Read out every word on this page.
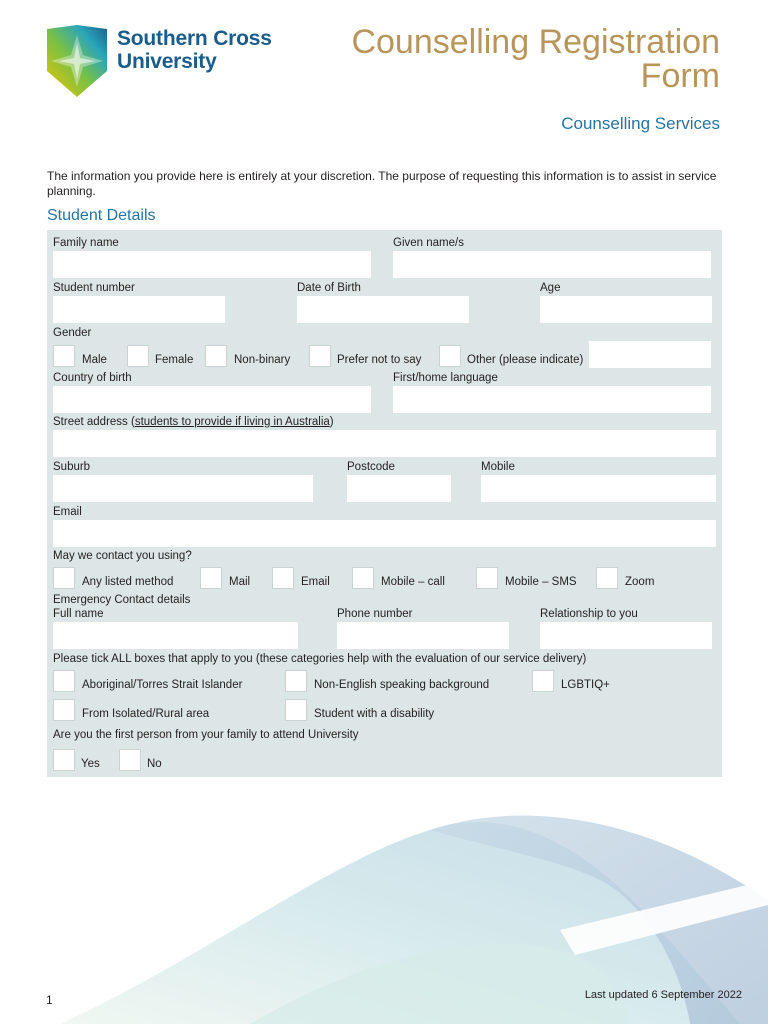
Southern Cross
University
Counselling Registration
Form
Counselling Services
The information you provide here is entirely at your discretion. The purpose of requesting this information is to assist in service planning.
Student Details
Family name	Given name/s
Student number	Date of Birth	Age
Gender
Male	Female	Non-binary	Prefer not to say	Other (please indicate)
Country of birth	First/home language
Street address (students to provide if living in Australia)
Suburb	Postcode	Mobile
Email
May we contact you using?
Any listed method	Mail	Email	Mobile – call	Mobile – SMS	Zoom
Emergency Contact details
Full name	Phone number	Relationship to you
Please tick ALL boxes that apply to you (these categories help with the evaluation of our service delivery)
Aboriginal/Torres Strait Islander	Non-English speaking background	LGBTIQ+
From Isolated/Rural area	Student with a disability
Are you the first person from your family to attend University
Yes	No
1	Last updated 6 September 2022
